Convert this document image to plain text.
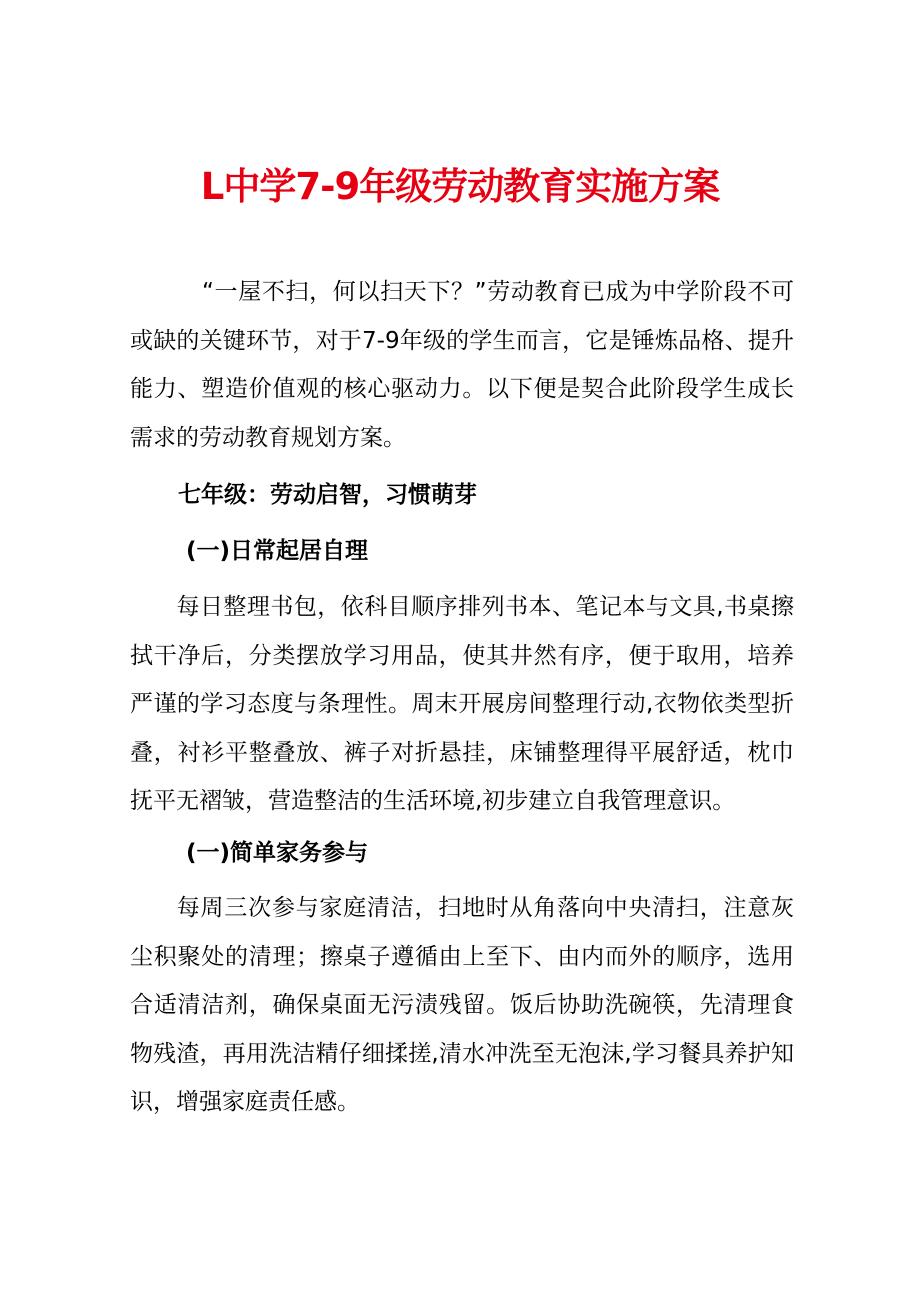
L中学7-9年级劳动教育实施方案

“一屋不扫，何以扫天下？”劳动教育已成为中学阶段不可或缺的关键环节，对于7-9年级的学生而言，它是锤炼品格、提升能力、塑造价值观的核心驱动力。以下便是契合此阶段学生成长需求的劳动教育规划方案。

七年级：劳动启智，习惯萌芽
(一)日常起居自理

每日整理书包，依科目顺序排列书本、笔记本与文具,书桌擦拭干净后，分类摆放学习用品，使其井然有序，便于取用，培养严谨的学习态度与条理性。周末开展房间整理行动,衣物依类型折叠，衬衫平整叠放、裤子对折悬挂，床铺整理得平展舒适，枕巾抚平无褶皱，营造整洁的生活环境,初步建立自我管理意识。

(一)简单家务参与

每周三次参与家庭清洁，扫地时从角落向中央清扫，注意灰尘积聚处的清理；擦桌子遵循由上至下、由内而外的顺序，选用合适清洁剂，确保桌面无污渍残留。饭后协助洗碗筷，先清理食物残渣，再用洗洁精仔细揉搓,清水冲洗至无泡沫,学习餐具养护知识，增强家庭责任感。
